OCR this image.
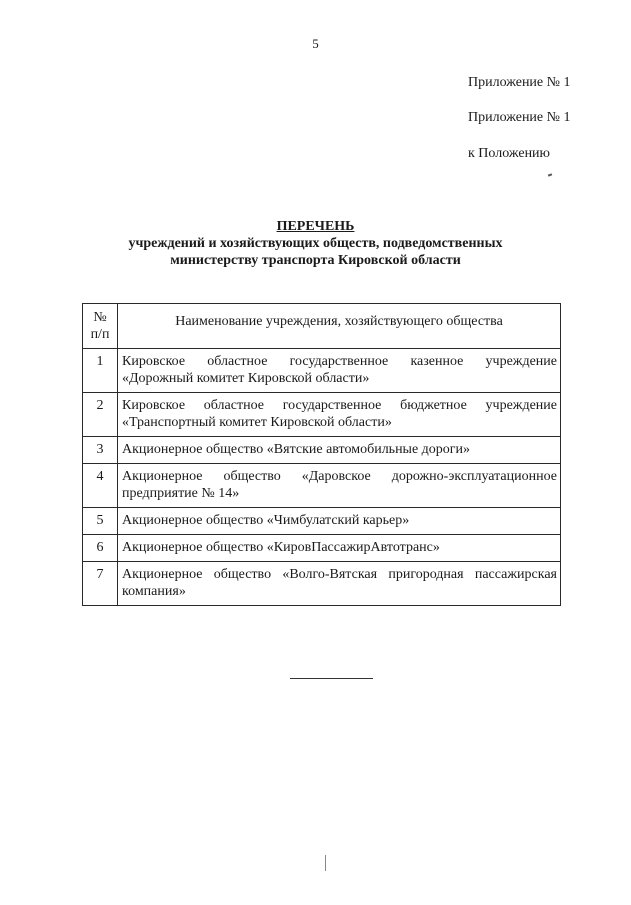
5
Приложение № 1
Приложение № 1
к Положению
ПЕРЕЧЕНЬ
учреждений и хозяйствующих обществ, подведомственных
министерству транспорта Кировской области
№
п/п	Наименование учреждения, хозяйствующего общества
1	Кировское областное государственное казенное учреждение «Дорожный комитет Кировской области»
2	Кировское областное государственное бюджетное учреждение «Транспортный комитет Кировской области»
3	Акционерное общество «Вятские автомобильные дороги»
4	Акционерное общество «Даровское дорожно-эксплуатационное предприятие № 14»
5	Акционерное общество «Чимбулатский карьер»
6	Акционерное общество «КировПассажирАвтотранс»
7	Акционерное общество «Волго-Вятская пригородная пассажирская компания»
